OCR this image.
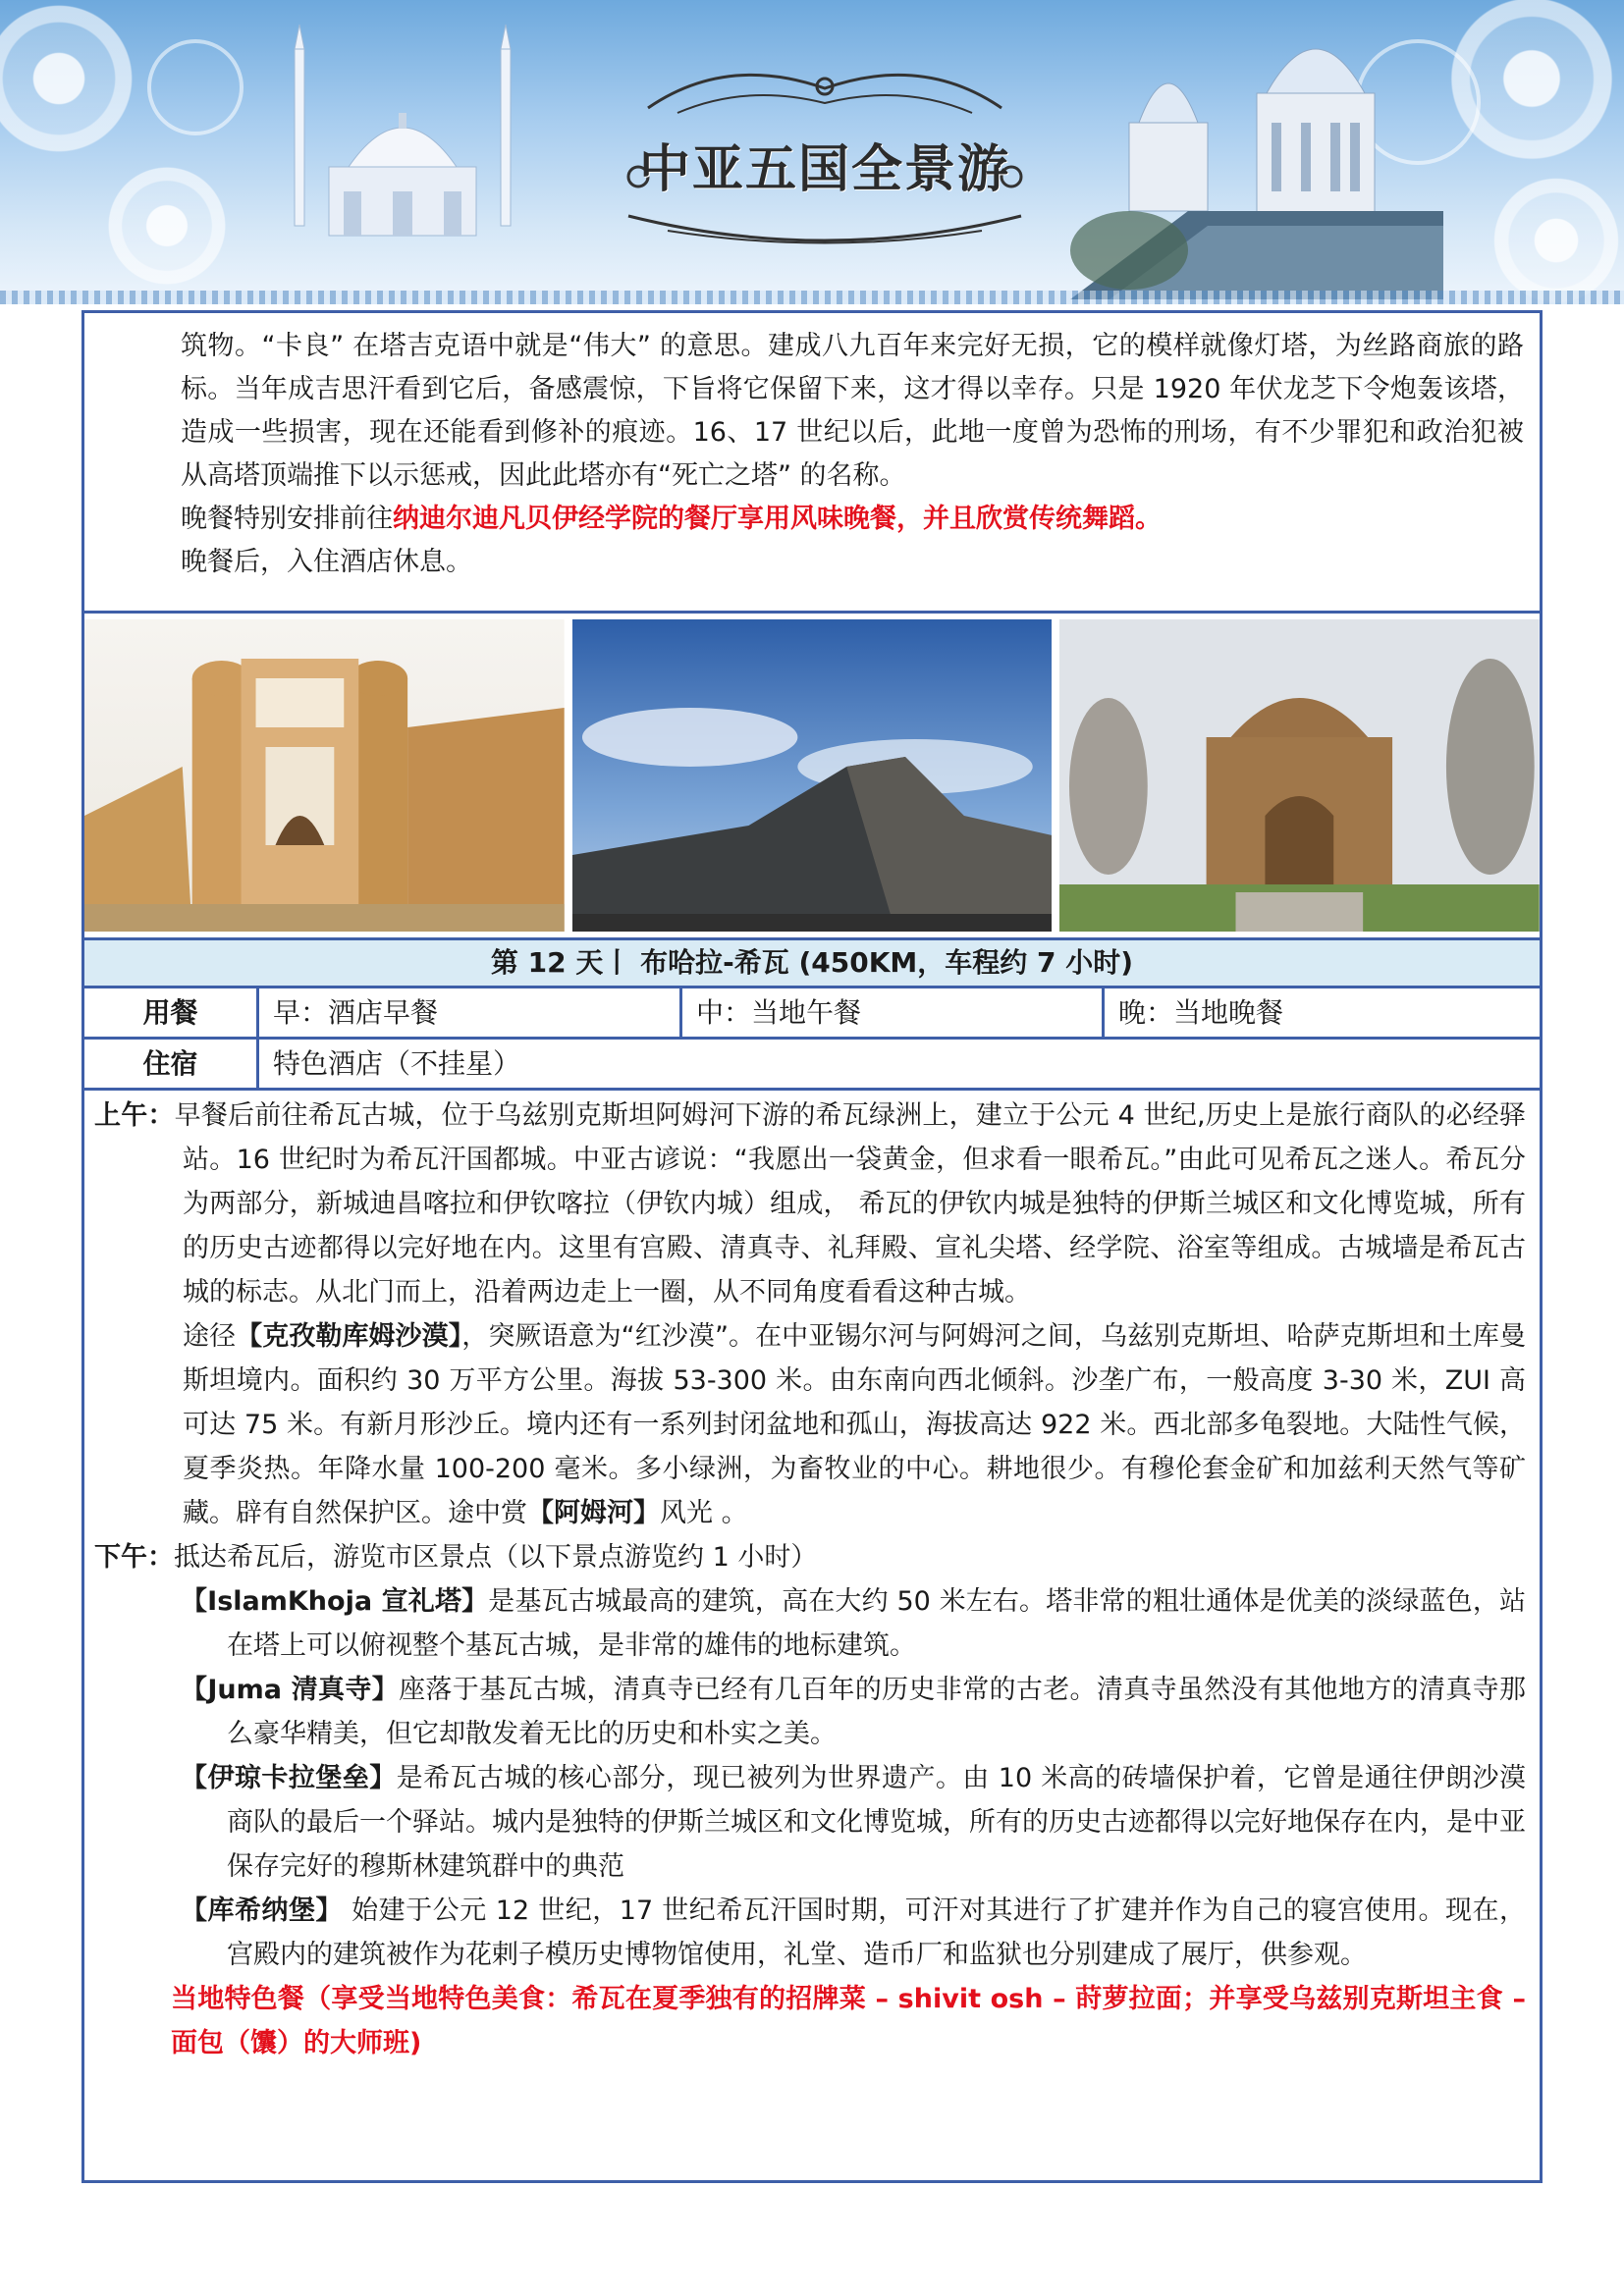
中亚五国全景游

筑物。“卡良” 在塔吉克语中就是“伟大” 的意思。建成八九百年来完好无损，它的模样就像灯塔，为丝路商旅的路标。当年成吉思汗看到它后，备感震惊，下旨将它保留下来，这才得以幸存。只是 1920 年伏龙芝下令炮轰该塔，造成一些损害，现在还能看到修补的痕迹。16、17 世纪以后，此地一度曾为恐怖的刑场，有不少罪犯和政治犯被从高塔顶端推下以示惩戒，因此此塔亦有“死亡之塔” 的名称。

晚餐特别安排前往纳迪尔迪凡贝伊经学院的餐厅享用风味晚餐，并且欣赏传统舞蹈。

晚餐后，入住酒店休息。

第 12 天丨 布哈拉-希瓦 (450KM，车程约 7 小时)
用餐	早：酒店早餐	中：当地午餐	晚：当地晚餐
住宿	特色酒店（不挂星）

上午：早餐后前往希瓦古城，位于乌兹别克斯坦阿姆河下游的希瓦绿洲上，建立于公元 4 世纪,历史上是旅行商队的必经驿站。16 世纪时为希瓦汗国都城。中亚古谚说：“我愿出一袋黄金，但求看一眼希瓦。”由此可见希瓦之迷人。希瓦分为两部分，新城迪昌喀拉和伊钦喀拉（伊钦内城）组成， 希瓦的伊钦内城是独特的伊斯兰城区和文化博览城，所有的历史古迹都得以完好地在内。这里有宫殿、清真寺、礼拜殿、宣礼尖塔、经学院、浴室等组成。古城墙是希瓦古城的标志。从北门而上，沿着两边走上一圈，从不同角度看看这种古城。

途径【克孜勒库姆沙漠】，突厥语意为“红沙漠”。在中亚锡尔河与阿姆河之间，乌兹别克斯坦、哈萨克斯坦和土库曼斯坦境内。面积约 30 万平方公里。海拔 53-300 米。由东南向西北倾斜。沙垄广布，一般高度 3-30 米，ZUI 高可达 75 米。有新月形沙丘。境内还有一系列封闭盆地和孤山，海拔高达 922 米。西北部多龟裂地。大陆性气候，夏季炎热。年降水量 100-200 毫米。多小绿洲，为畜牧业的中心。耕地很少。有穆伦套金矿和加兹利天然气等矿藏。辟有自然保护区。途中赏【阿姆河】风光 。

下午：抵达希瓦后，游览市区景点（以下景点游览约 1 小时）

【IslamKhoja 宣礼塔】是基瓦古城最高的建筑，高在大约 50 米左右。塔非常的粗壮通体是优美的淡绿蓝色，站在塔上可以俯视整个基瓦古城，是非常的雄伟的地标建筑。

【Juma 清真寺】座落于基瓦古城，清真寺已经有几百年的历史非常的古老。清真寺虽然没有其他地方的清真寺那么豪华精美，但它却散发着无比的历史和朴实之美。

【伊琼卡拉堡垒】是希瓦古城的核心部分，现已被列为世界遗产。由 10 米高的砖墙保护着，它曾是通往伊朗沙漠商队的最后一个驿站。城内是独特的伊斯兰城区和文化博览城，所有的历史古迹都得以完好地保存在内，是中亚保存完好的穆斯林建筑群中的典范

【库希纳堡】 始建于公元 12 世纪，17 世纪希瓦汗国时期，可汗对其进行了扩建并作为自己的寝宫使用。现在，宫殿内的建筑被作为花剌子模历史博物馆使用，礼堂、造币厂和监狱也分别建成了展厅，供参观。

当地特色餐（享受当地特色美食：希瓦在夏季独有的招牌菜 – shivit osh – 莳萝拉面；并享受乌兹别克斯坦主食 – 面包（馕）的大师班)
